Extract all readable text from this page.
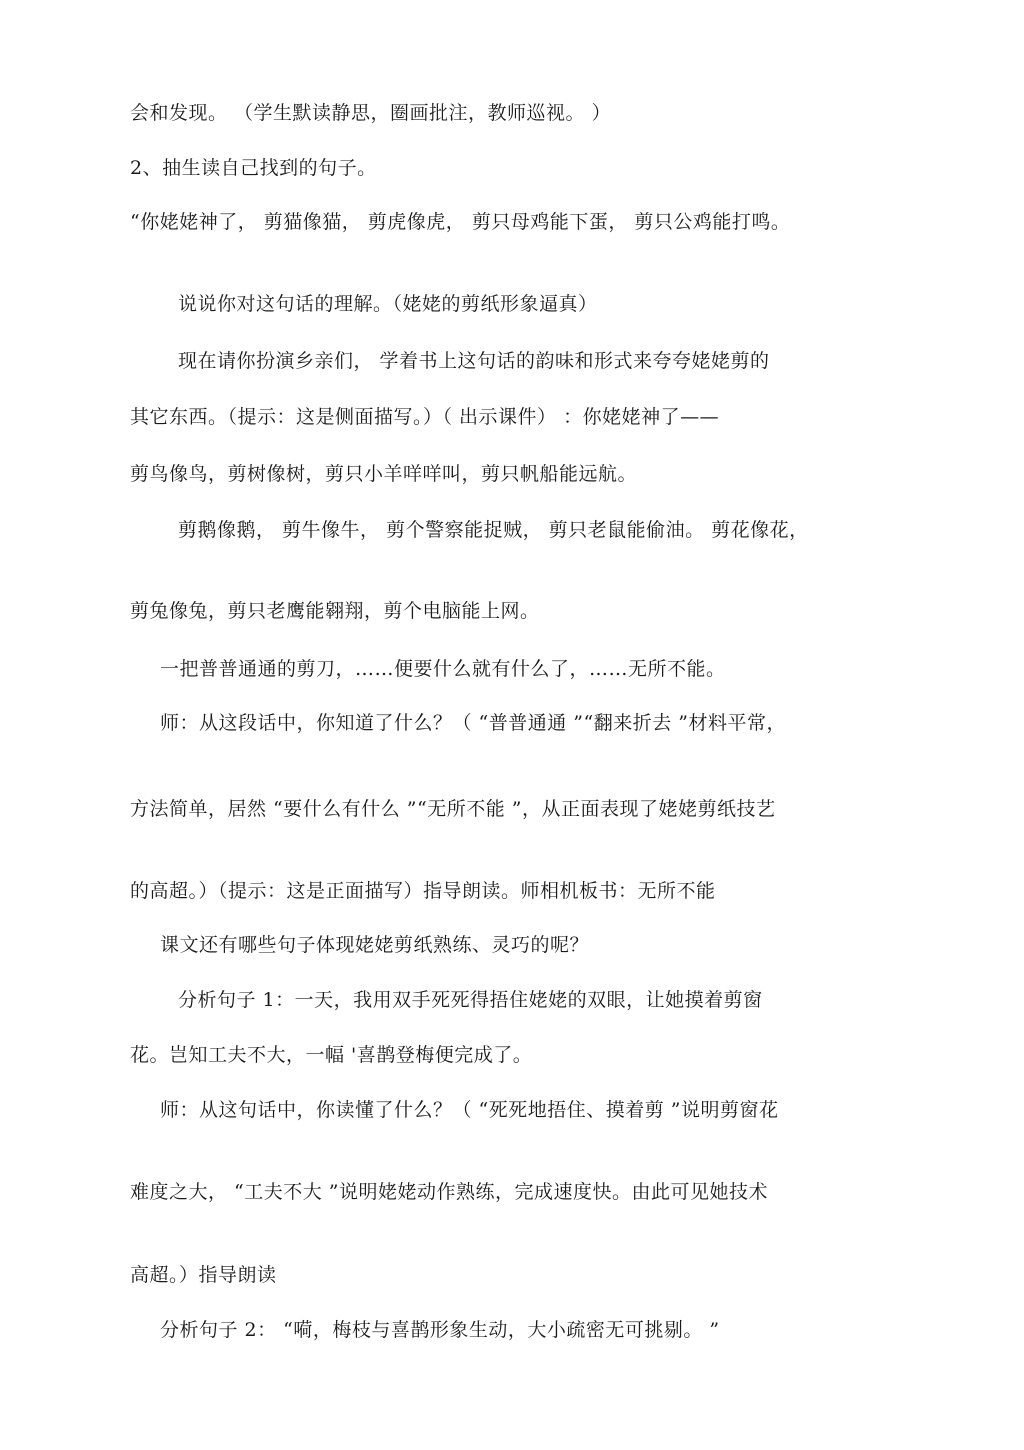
会和发现。 （学生默读静思，圈画批注，教师巡视。 ）
2、抽生读自己找到的句子。
“你姥姥神了， 剪猫像猫， 剪虎像虎， 剪只母鸡能下蛋， 剪只公鸡能打鸣。
说说你对这句话的理解。（姥姥的剪纸形象逼真）
现在请你扮演乡亲们， 学着书上这句话的韵味和形式来夸夸姥姥剪的
其它东西。（提示：这是侧面描写。）（ 出示课件） ：你姥姥神了——
剪鸟像鸟，剪树像树，剪只小羊咩咩叫，剪只帆船能远航。
剪鹅像鹅， 剪牛像牛， 剪个警察能捉贼， 剪只老鼠能偷油。 剪花像花，
剪兔像兔，剪只老鹰能翱翔，剪个电脑能上网。
一把普普通通的剪刀，……便要什么就有什么了，……无所不能。
师：从这段话中，你知道了什么？（ “普普通通 ”“翻来折去 ”材料平常，
方法简单，居然 “要什么有什么 ”“无所不能 ”，从正面表现了姥姥剪纸技艺
的高超。）（提示：这是正面描写）指导朗读。师相机板书：无所不能
课文还有哪些句子体现姥姥剪纸熟练、灵巧的呢？
分析句子 1：一天，我用双手死死得捂住姥姥的双眼，让她摸着剪窗
花。岂知工夫不大，一幅 '喜鹊登梅便完成了。
师：从这句话中，你读懂了什么？（ “死死地捂住、摸着剪 ”说明剪窗花
难度之大， “工夫不大 ”说明姥姥动作熟练，完成速度快。由此可见她技术
高超。）指导朗读
分析句子 2： “嗬，梅枝与喜鹊形象生动，大小疏密无可挑剔。 ”
